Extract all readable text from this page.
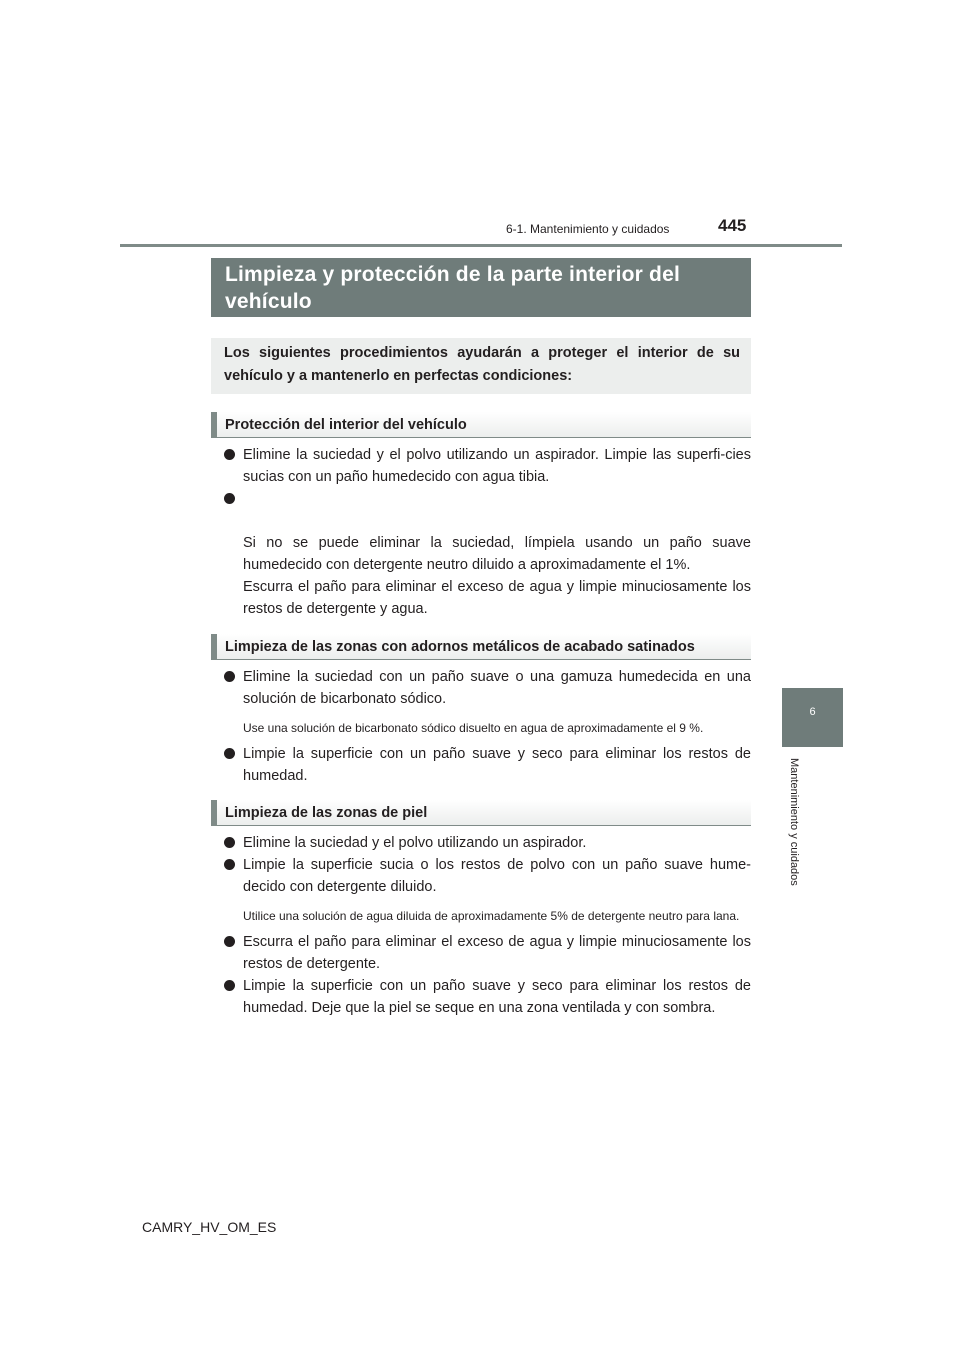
6-1. Mantenimiento y cuidados	445
6
Mantenimiento y cuidados
Limpieza y protección de la parte interior del vehículo
Los siguientes procedimientos ayudarán a proteger el interior de su vehículo y a mantenerlo en perfectas condiciones:
Protección del interior del vehículo
Elimine la suciedad y el polvo utilizando un aspirador. Limpie las superfi-cies sucias con un paño humedecido con agua tibia.

Si no se puede eliminar la suciedad, límpiela usando un paño suave humedecido con detergente neutro diluido a aproximadamente el 1%.
Escurra el paño para eliminar el exceso de agua y limpie minuciosamente los restos de detergente y agua.

Limpieza de las zonas con adornos metálicos de acabado satinados
Elimine la suciedad con un paño suave o una gamuza humedecida en una solución de bicarbonato sódico.
Use una solución de bicarbonato sódico disuelto en agua de aproximadamente el 9 %.
Limpie la superficie con un paño suave y seco para eliminar los restos de humedad.
Limpieza de las zonas de piel
Elimine la suciedad y el polvo utilizando un aspirador.
Limpie la superficie sucia o los restos de polvo con un paño suave hume-decido con detergente diluido.
Utilice una solución de agua diluida de aproximadamente 5% de detergente neutro para lana.
Escurra el paño para eliminar el exceso de agua y limpie minuciosamente los restos de detergente.
Limpie la superficie con un paño suave y seco para eliminar los restos de humedad. Deje que la piel se seque en una zona ventilada y con sombra.
CAMRY_HV_OM_ES
